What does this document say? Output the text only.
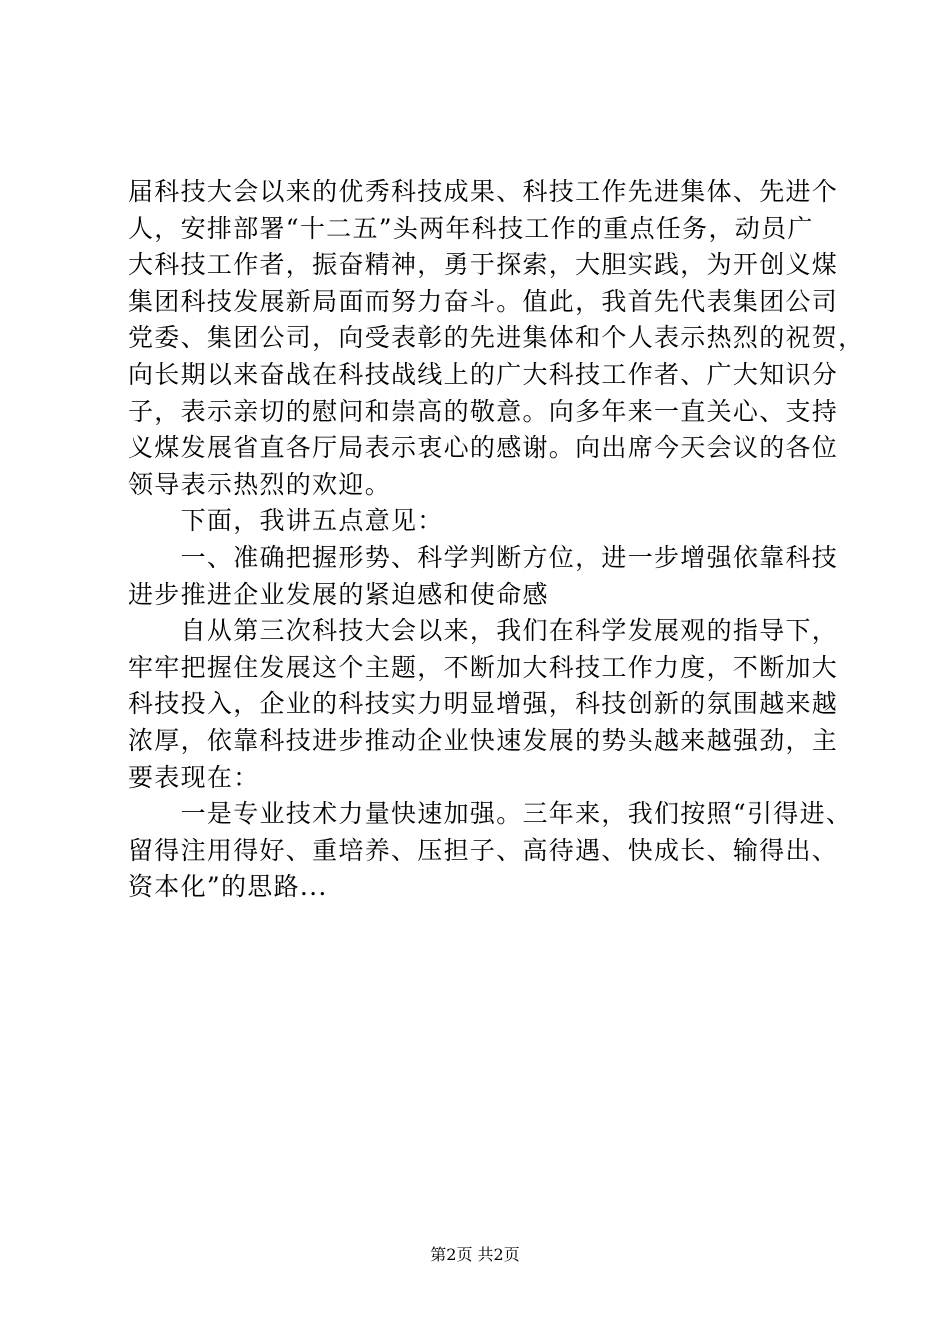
届科技大会以来的优秀科技成果、科技工作先进集体、先进个
人，安排部署“十二五”头两年科技工作的重点任务，动员广
大科技工作者，振奋精神，勇于探索，大胆实践，为开创义煤
集团科技发展新局面而努力奋斗。值此，我首先代表集团公司
党委、集团公司，向受表彰的先进集体和个人表示热烈的祝贺，
向长期以来奋战在科技战线上的广大科技工作者、广大知识分
子，表示亲切的慰问和崇高的敬意。向多年来一直关心、支持
义煤发展省直各厅局表示衷心的感谢。向出席今天会议的各位
领导表示热烈的欢迎。
　　下面，我讲五点意见：
　　一、准确把握形势、科学判断方位，进一步增强依靠科技
进步推进企业发展的紧迫感和使命感
　　自从第三次科技大会以来，我们在科学发展观的指导下，
牢牢把握住发展这个主题，不断加大科技工作力度，不断加大
科技投入，企业的科技实力明显增强，科技创新的氛围越来越
浓厚，依靠科技进步推动企业快速发展的势头越来越强劲，主
要表现在：
　　一是专业技术力量快速加强。三年来，我们按照“引得进、
留得注用得好、重培养、压担子、高待遇、快成长、输得出、
资本化”的思路...
第2页 共2页
